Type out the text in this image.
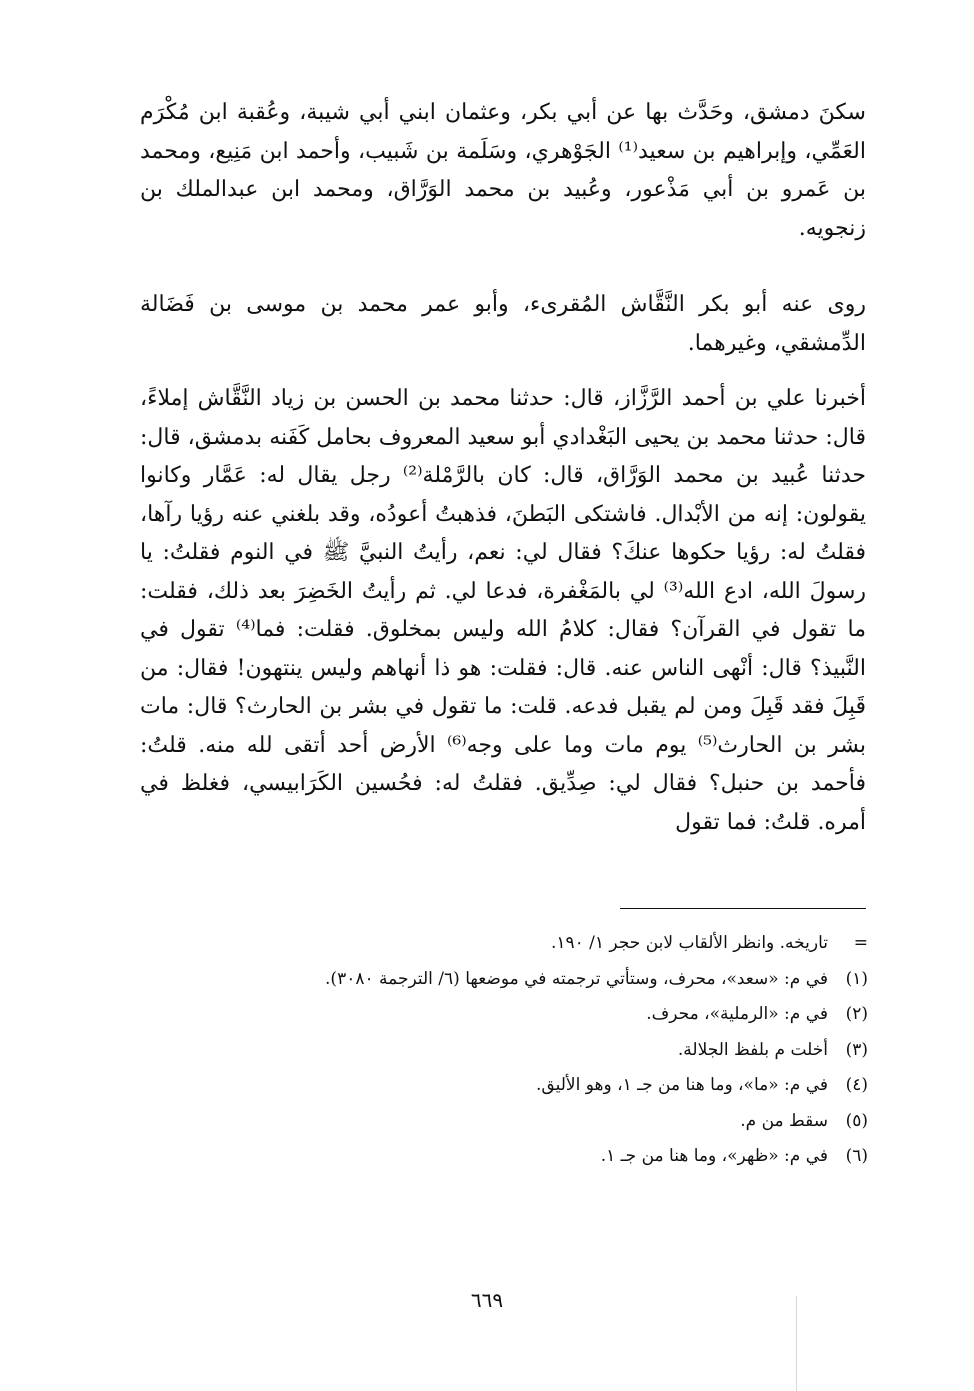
سكنَ دمشق، وحَدَّث بها عن أبي بكر، وعثمان ابني أبي شيبة، وعُقبة ابن مُكْرَم العَمِّي، وإبراهيم بن سعيد⁽¹⁾ الجَوْهري، وسَلَمة بن شَبيب، وأحمد ابن مَنِيع، ومحمد بن عَمرو بن أبي مَذْعور، وعُبيد بن محمد الوَرَّاق، ومحمد ابن عبدالملك بن زنجويه.

روى عنه أبو بكر النَّقَّاش المُقرىء، وأبو عمر محمد بن موسى بن فَضَالة الدِّمشقي، وغيرهما.

أخبرنا علي بن أحمد الرَّزَّاز، قال: حدثنا محمد بن الحسن بن زياد النَّقَّاش إملاءً، قال: حدثنا محمد بن يحيى البَغْدادي أبو سعيد المعروف بحامل كَفَنه بدمشق، قال: حدثنا عُبيد بن محمد الوَرَّاق، قال: كان بالرَّمْلة⁽²⁾ رجل يقال له: عَمَّار وكانوا يقولون: إنه من الأبْدال. فاشتكى البَطنَ، فذهبتُ أعودُه، وقد بلغني عنه رؤيا رآها، فقلتُ له: رؤيا حكوها عنكَ؟ فقال لي: نعم، رأيتُ النبيَّ ﷺ في النوم فقلتُ: يا رسولَ الله، ادع الله⁽³⁾ لي بالمَغْفرة، فدعا لي. ثم رأيتُ الخَضِرَ بعد ذلك، فقلت: ما تقول في القرآن؟ فقال: كلامُ الله وليس بمخلوق. فقلت: فما⁽⁴⁾ تقول في النَّبيذ؟ قال: أنْهى الناس عنه. قال: فقلت: هو ذا أنهاهم وليس ينتهون! فقال: من قَبِلَ فقد قَبِلَ ومن لم يقبل فدعه. قلت: ما تقول في بشر بن الحارث؟ قال: مات بشر بن الحارث⁽⁵⁾ يوم مات وما على وجه⁽⁶⁾ الأرض أحد أتقى لله منه. قلتُ: فأحمد بن حنبل؟ فقال لي: صِدِّيق. فقلتُ له: فحُسين الكَرَابيسي، فغلظ في أمره. قلتُ: فما تقول

=
تاريخه. وانظر الألقاب لابن حجر ١/ ١٩٠.
(١)
في م: «سعد»، محرف، وستأتي ترجمته في موضعها (٦/ الترجمة ٣٠٨٠).
(٢)
في م: «الرملية»، محرف.
(٣)
أخلت م بلفظ الجلالة.
(٤)
في م: «ما»، وما هنا من جـ ١، وهو الأليق.
(٥)
سقط من م.
(٦)
في م: «ظهر»، وما هنا من جـ ١.
٦٦٩
